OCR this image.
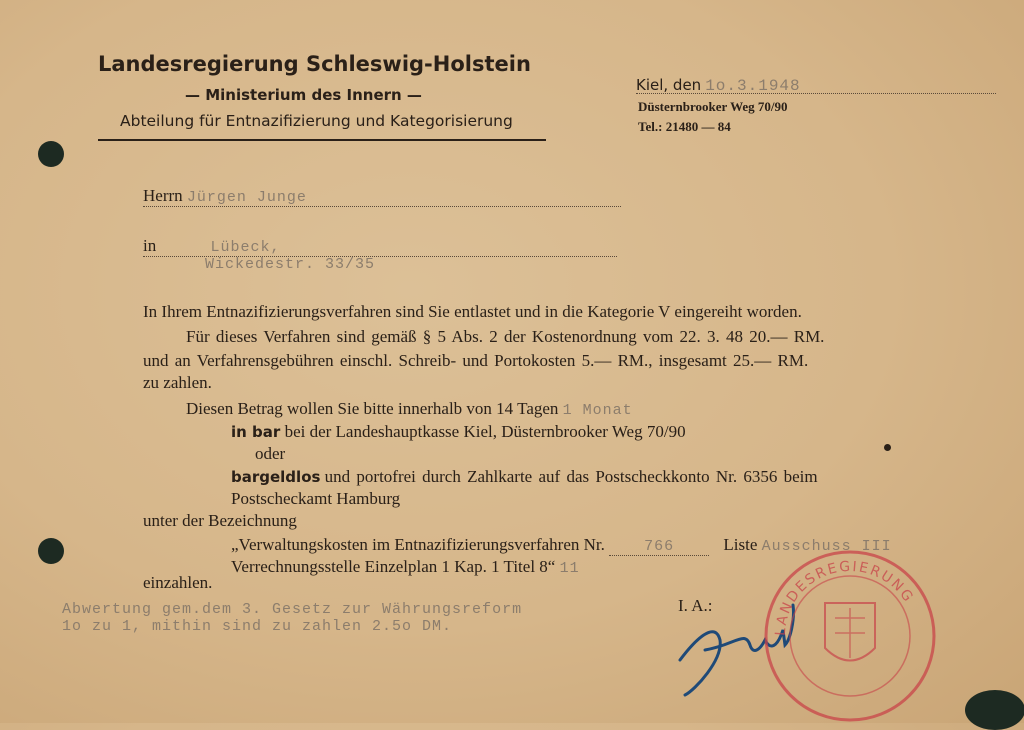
Landesregierung Schleswig-Holstein
— Ministerium des Innern —
Abteilung für Entnazifizierung und Kategorisierung
Kiel, den 1o.3.1948
Düsternbrooker Weg 70/90
Tel.: 21480 — 84
Herrn Jürgen Junge
in	Lübeck,
Wickedestr. 33/35
In Ihrem Entnazifizierungsverfahren sind Sie entlastet und in die Kategorie V eingereiht worden.
Für dieses Verfahren sind gemäß § 5 Abs. 2 der Kostenordnung vom 22. 3. 48 20.— RM.
und an Verfahrensgebühren einschl. Schreib- und Portokosten 5.— RM., insgesamt 25.— RM.
zu zahlen.
Diesen Betrag wollen Sie bitte innerhalb von 14 Tagen 1 Monat
in bar bei der Landeshauptkasse Kiel, Düsternbrooker Weg 70/90
oder
bargeldlos und portofrei durch Zahlkarte auf das Postscheckkonto Nr. 6356 beim
Postscheckamt Hamburg
unter der Bezeichnung
„Verwaltungskosten im Entnazifizierungsverfahren Nr.	766	Liste Ausschuss III
Verrechnungsstelle Einzelplan 1 Kap. 1 Titel 8“ 11
einzahlen.
Abwertung gem.dem 3. Gesetz zur Währungsreform
1o zu 1, mithin sind zu zahlen 2.5o DM.
I. A.:
LANDESREGIERUNG
